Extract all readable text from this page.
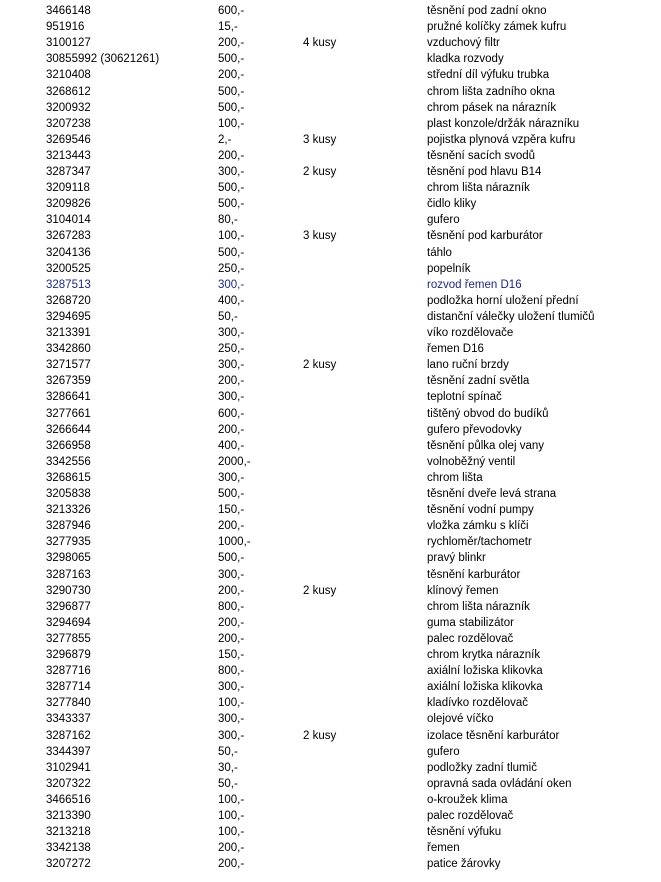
3466148	600,-	těsnění pod zadní okno
951916	15,-	pružné kolíčky zámek kufru
3100127	200,-	4 kusy	vzduchový filtr
30855992 (30621261)	500,-	kladka rozvody
3210408	200,-	střední díl výfuku trubka
3268612	500,-	chrom lišta zadního okna
3200932	500,-	chrom pásek na nárazník
3207238	100,-	plast konzole/držák nárazníku
3269546	2,-	3 kusy	pojistka plynová vzpěra kufru
3213443	200,-	těsnění sacích svodů
3287347	300,-	2 kusy	těsnění pod hlavu B14
3209118	500,-	chrom lišta nárazník
3209826	500,-	čidlo kliky
3104014	80,-	gufero
3267283	100,-	3 kusy	těsnění pod karburátor
3204136	500,-	táhlo
3200525	250,-	popelník
3287513	300,-	rozvod řemen D16
3268720	400,-	podložka horní uložení přední
3294695	50,-	distanční válečky uložení tlumičů
3213391	300,-	víko rozdělovače
3342860	250,-	řemen D16
3271577	300,-	2 kusy	lano ruční brzdy
3267359	200,-	těsnění zadní světla
3286641	300,-	teplotní spínač
3277661	600,-	tištěný obvod do budíků
3266644	200,-	gufero převodovky
3266958	400,-	těsnění půlka olej vany
3342556	2000,-	volnoběžný ventil
3268615	300,-	chrom lišta
3205838	500,-	těsnění dveře levá strana
3213326	150,-	těsnění vodní pumpy
3287946	200,-	vložka zámku s klíči
3277935	1000,-	rychloměr/tachometr
3298065	500,-	pravý blinkr
3287163	300,-	těsnění karburátor
3290730	200,-	2 kusy	klínový řemen
3296877	800,-	chrom lišta nárazník
3294694	200,-	guma stabilizátor
3277855	200,-	palec rozdělovač
3296879	150,-	chrom krytka nárazník
3287716	800,-	axiální ložiska klikovka
3287714	300,-	axiální ložiska klikovka
3277840	100,-	kladívko rozdělovač
3343337	300,-	olejové víčko
3287162	300,-	2 kusy	izolace těsnění karburátor
3344397	50,-	gufero
3102941	30,-	podložky zadní tlumič
3207322	50,-	opravná sada ovládání oken
3466516	100,-	o-kroužek klima
3213390	100,-	palec rozdělovač
3213218	100,-	těsnění výfuku
3342138	200,-	řemen
3207272	200,-	patice žárovky
